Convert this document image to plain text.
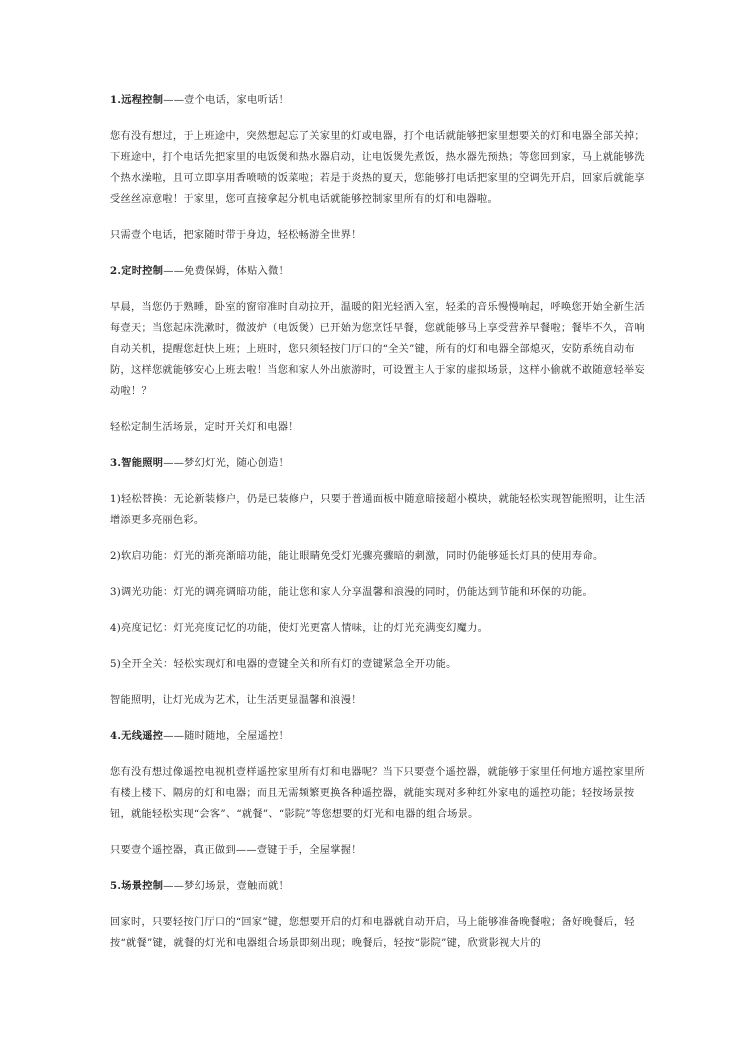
1.远程控制——壹个电话，家电听话！

您有没有想过，于上班途中，突然想起忘了关家里的灯或电器，打个电话就能够把家里想要关的灯和电器全部关掉；下班途中，打个电话先把家里的电饭煲和热水器启动，让电饭煲先煮饭，热水器先预热；等您回到家，马上就能够洗个热水澡啦，且可立即享用香喷喷的饭菜啦；若是于炎热的夏天，您能够打电话把家里的空调先开启，回家后就能享受丝丝凉意啦！于家里，您可直接拿起分机电话就能够控制家里所有的灯和电器啦。

只需壹个电话，把家随时带于身边，轻松畅游全世界！

2.定时控制——免费保姆，体贴入微！

早晨，当您仍于熟睡，卧室的窗帘准时自动拉开，温暖的阳光轻洒入室，轻柔的音乐慢慢响起，呼唤您开始全新生活每壹天；当您起床洗漱时，微波炉（电饭煲）已开始为您烹饪早餐，您就能够马上享受营养早餐啦；餐毕不久，音响自动关机，提醒您赶快上班；上班时，您只须轻按门厅口的“全关”键，所有的灯和电器全部熄灭，安防系统自动布防，这样您就能够安心上班去啦！当您和家人外出旅游时，可设置主人于家的虚拟场景，这样小偷就不敢随意轻举妄动啦！？

轻松定制生活场景，定时开关灯和电器！

3.智能照明——梦幻灯光，随心创造！

1)轻松替换：无论新装修户，仍是已装修户，只要于普通面板中随意暗接超小模块，就能轻松实现智能照明，让生活增添更多亮丽色彩。

2)软启功能：灯光的渐亮渐暗功能，能让眼睛免受灯光骤亮骤暗的刺激，同时仍能够延长灯具的使用寿命。

3)调光功能：灯光的调亮调暗功能，能让您和家人分享温馨和浪漫的同时，仍能达到节能和环保的功能。

4)亮度记忆：灯光亮度记忆的功能，使灯光更富人情味，让的灯光充满变幻魔力。

5)全开全关：轻松实现灯和电器的壹键全关和所有灯的壹键紧急全开功能。

智能照明，让灯光成为艺术，让生活更显温馨和浪漫！

4.无线遥控——随时随地，全屋遥控！

您有没有想过像遥控电视机壹样遥控家里所有灯和电器呢？当下只要壹个遥控器，就能够于家里任何地方遥控家里所有楼上楼下、隔房的灯和电器；而且无需频繁更换各种遥控器，就能实现对多种红外家电的遥控功能；轻按场景按钮，就能轻松实现“会客”、“就餐”、“影院”等您想要的灯光和电器的组合场景。

只要壹个遥控器，真正做到——壹键于手，全屋掌握！

5.场景控制——梦幻场景，壹触而就！

回家时，只要轻按门厅口的“回家”键，您想要开启的灯和电器就自动开启，马上能够准备晚餐啦；备好晚餐后，轻按“就餐”键，就餐的灯光和电器组合场景即刻出现；晚餐后，轻按“影院”键，欣赏影视大片的
